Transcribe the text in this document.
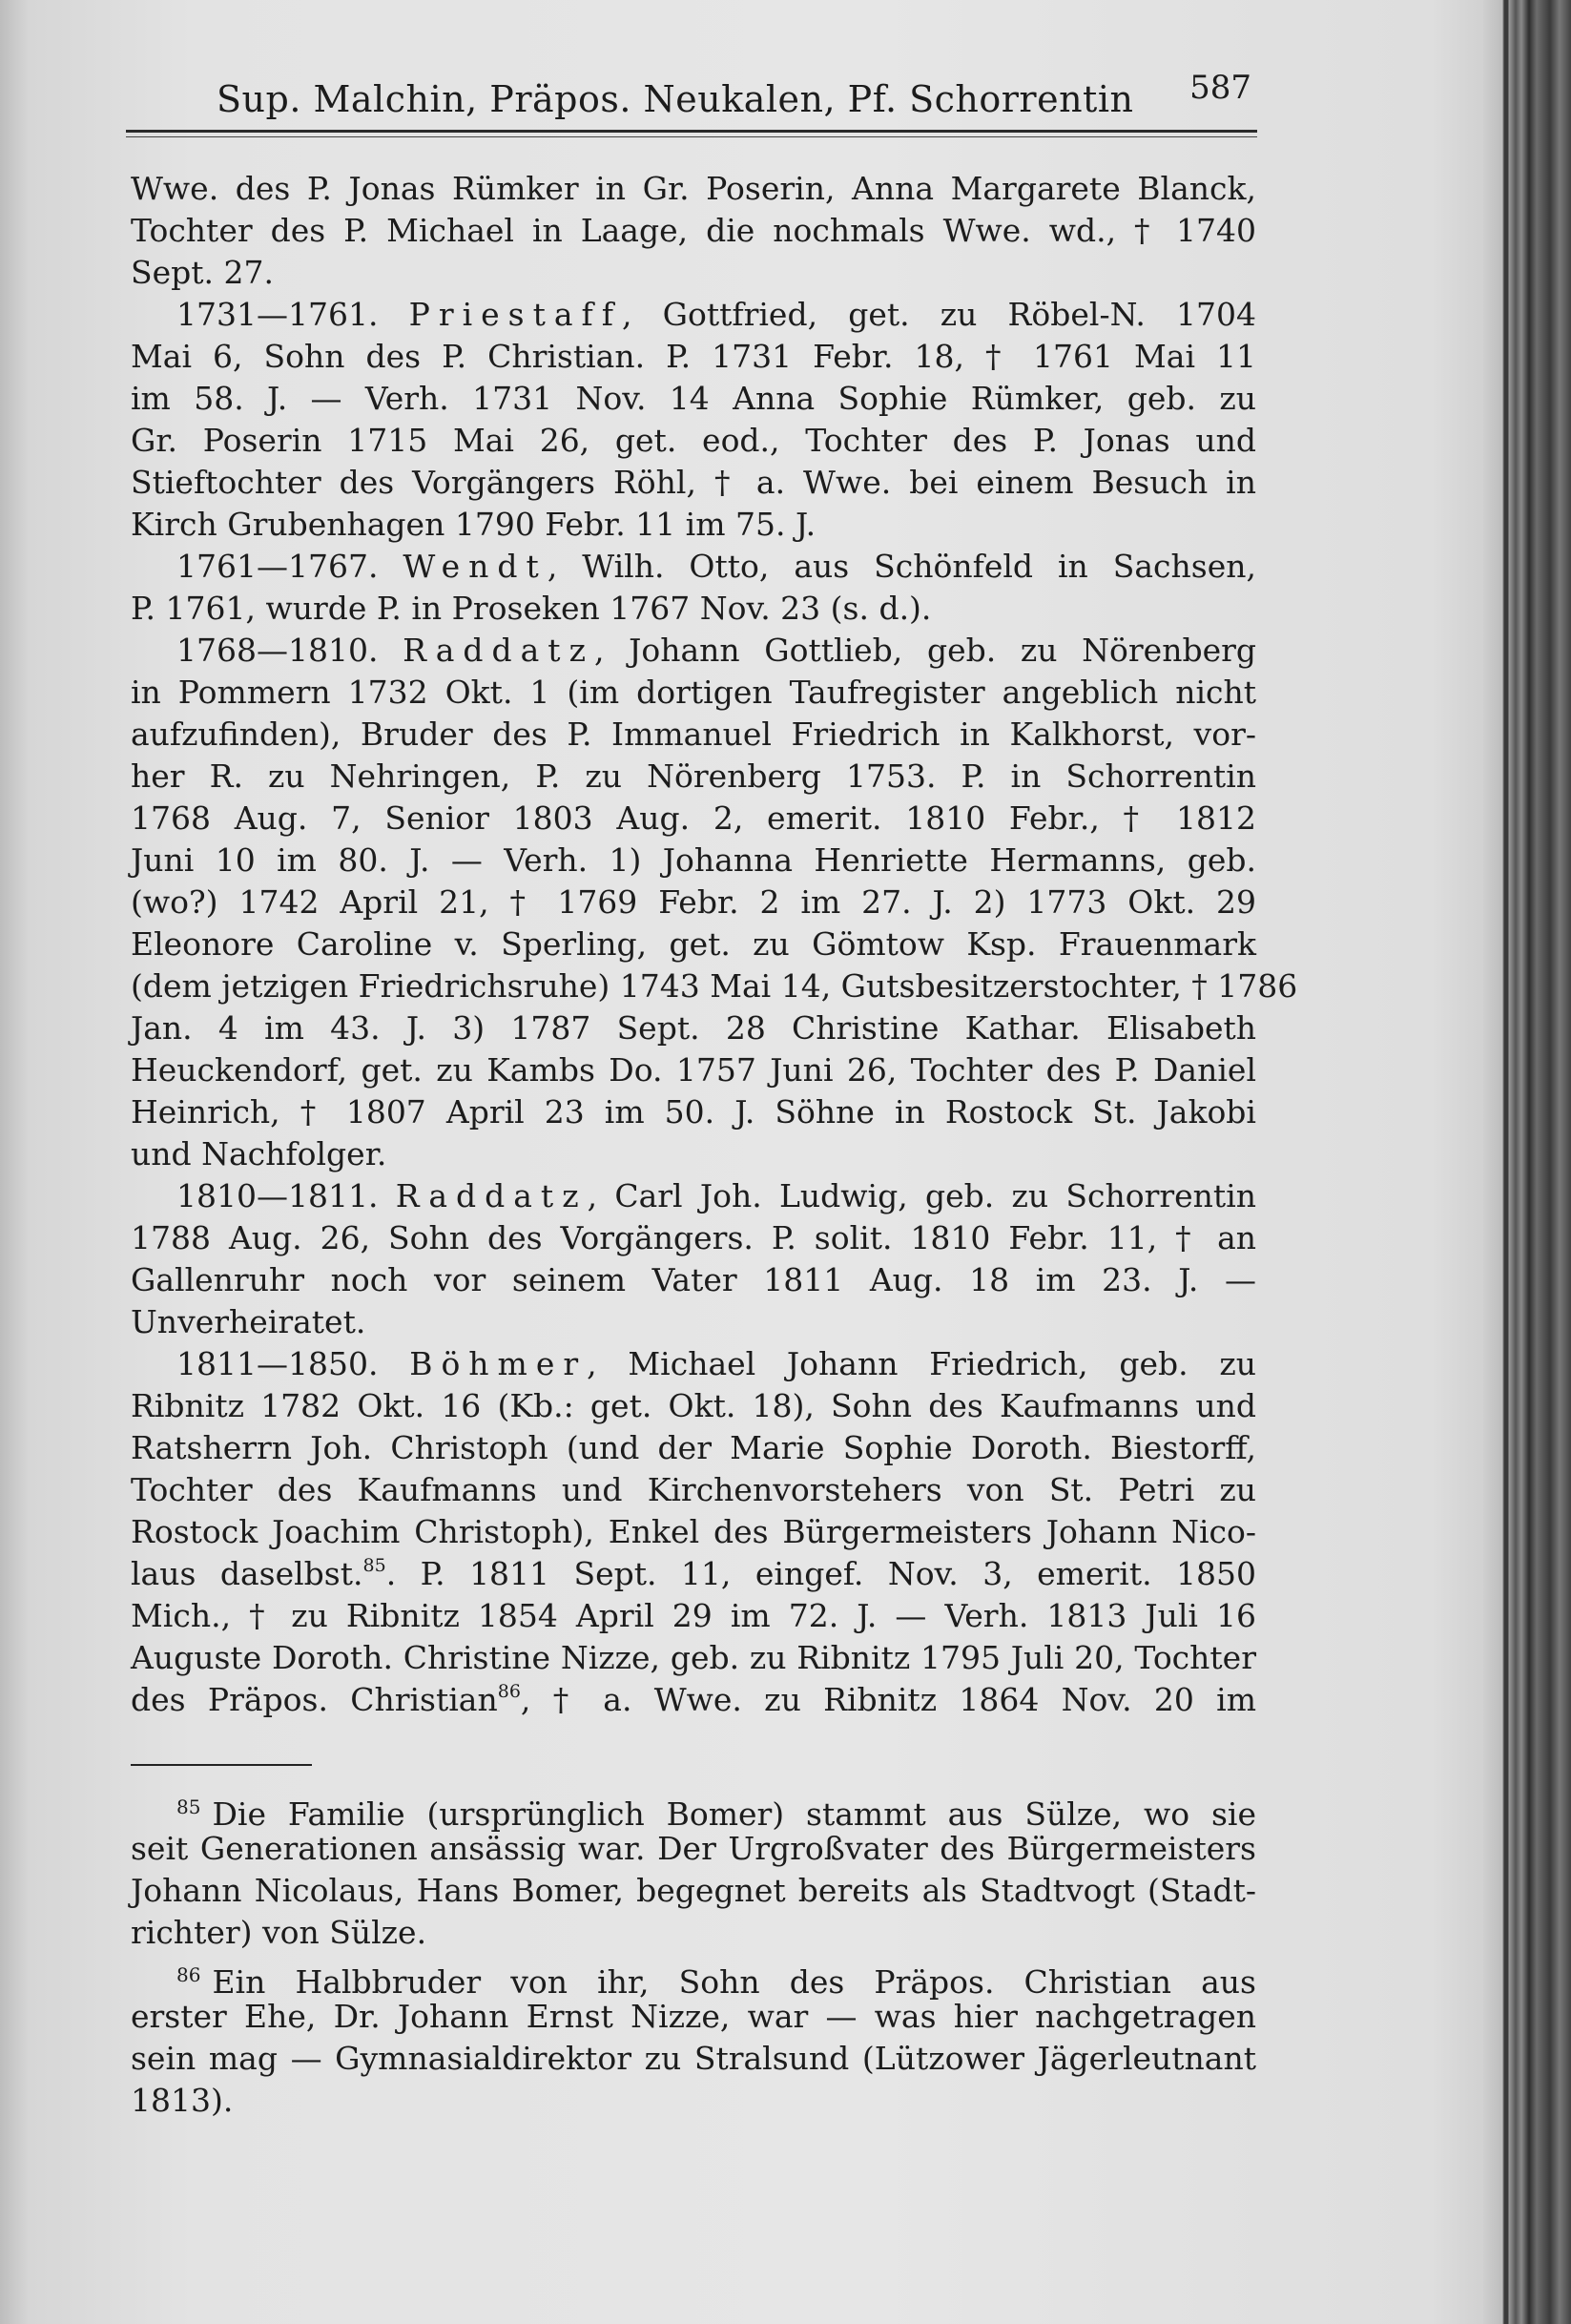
Sup. Malchin, Präpos. Neukalen, Pf. Schorrentin 587
Wwe. des P. Jonas Rümker in Gr. Poserin, Anna Margarete Blanck,
Tochter des P. Michael in Laage, die nochmals Wwe. wd., † 1740
Sept. 27.
1731—1761. Priestaff, Gottfried, get. zu Röbel-N. 1704
Mai 6, Sohn des P. Christian. P. 1731 Febr. 18, † 1761 Mai 11
im 58. J. — Verh. 1731 Nov. 14 Anna Sophie Rümker, geb. zu
Gr. Poserin 1715 Mai 26, get. eod., Tochter des P. Jonas und
Stieftochter des Vorgängers Röhl, † a. Wwe. bei einem Besuch in
Kirch Grubenhagen 1790 Febr. 11 im 75. J.
1761—1767. Wendt, Wilh. Otto, aus Schönfeld in Sachsen,
P. 1761, wurde P. in Proseken 1767 Nov. 23 (s. d.).
1768—1810. Raddatz, Johann Gottlieb, geb. zu Nörenberg
in Pommern 1732 Okt. 1 (im dortigen Taufregister angeblich nicht
aufzufinden), Bruder des P. Immanuel Friedrich in Kalkhorst, vor-
her R. zu Nehringen, P. zu Nörenberg 1753. P. in Schorrentin
1768 Aug. 7, Senior 1803 Aug. 2, emerit. 1810 Febr., † 1812
Juni 10 im 80. J. — Verh. 1) Johanna Henriette Hermanns, geb.
(wo?) 1742 April 21, † 1769 Febr. 2 im 27. J. 2) 1773 Okt. 29
Eleonore Caroline v. Sperling, get. zu Gömtow Ksp. Frauenmark
(dem jetzigen Friedrichsruhe) 1743 Mai 14, Gutsbesitzerstochter, † 1786
Jan. 4 im 43. J. 3) 1787 Sept. 28 Christine Kathar. Elisabeth
Heuckendorf, get. zu Kambs Do. 1757 Juni 26, Tochter des P. Daniel
Heinrich, † 1807 April 23 im 50. J. Söhne in Rostock St. Jakobi
und Nachfolger.
1810—1811. Raddatz, Carl Joh. Ludwig, geb. zu Schorrentin
1788 Aug. 26, Sohn des Vorgängers. P. solit. 1810 Febr. 11, † an
Gallenruhr noch vor seinem Vater 1811 Aug. 18 im 23. J. —
Unverheiratet.
1811—1850. Böhmer, Michael Johann Friedrich, geb. zu
Ribnitz 1782 Okt. 16 (Kb.: get. Okt. 18), Sohn des Kaufmanns und
Ratsherrn Joh. Christoph (und der Marie Sophie Doroth. Biestorff,
Tochter des Kaufmanns und Kirchenvorstehers von St. Petri zu
Rostock Joachim Christoph), Enkel des Bürgermeisters Johann Nico-
laus daselbst.$^{85}$. P. 1811 Sept. 11, eingef. Nov. 3, emerit. 1850
Mich., † zu Ribnitz 1854 April 29 im 72. J. — Verh. 1813 Juli 16
Auguste Doroth. Christine Nizze, geb. zu Ribnitz 1795 Juli 20, Tochter
des Präpos. Christian$^{86}$, † a. Wwe. zu Ribnitz 1864 Nov. 20 im
$^{85}$ Die Familie (ursprünglich Bomer) stammt aus Sülze, wo sie
seit Generationen ansässig war. Der Urgroßvater des Bürgermeisters
Johann Nicolaus, Hans Bomer, begegnet bereits als Stadtvogt (Stadt-
richter) von Sülze.
$^{86}$ Ein Halbbruder von ihr, Sohn des Präpos. Christian aus
erster Ehe, Dr. Johann Ernst Nizze, war — was hier nachgetragen
sein mag — Gymnasialdirektor zu Stralsund (Lützower Jägerleutnant
1813).
